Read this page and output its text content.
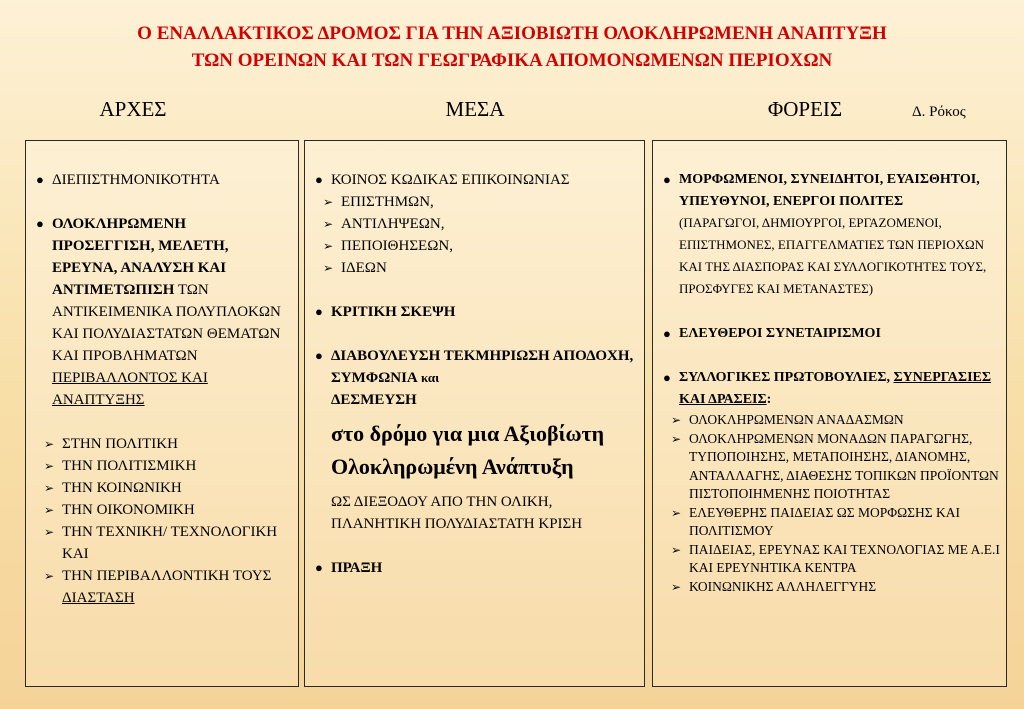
Ο ΕΝΑΛΛΑΚΤΙΚΟΣ ΔΡΟΜΟΣ ΓΙΑ ΤΗΝ ΑΞΙΟΒΙΩΤΗ ΟΛΟΚΛΗΡΩΜΕΝΗ ΑΝΑΠΤΥΞΗ
ΤΩΝ ΟΡΕΙΝΩΝ ΚΑΙ ΤΩΝ ΓΕΩΓΡΑΦΙΚΑ ΑΠΟΜΟΝΩΜΕΝΩΝ ΠΕΡΙΟΧΩΝ
ΑΡΧΕΣ	ΜΕΣΑ	ΦΟΡΕΙΣ	Δ. Ρόκος
● ΔΙΕΠΙΣΤΗΜΟΝΙΚΟΤΗΤΑ
● ΟΛΟΚΛΗΡΩΜΕΝΗ ΠΡΟΣΕΓΓΙΣΗ, ΜΕΛΕΤΗ, ΕΡΕΥΝΑ, ΑΝΑΛΥΣΗ ΚΑΙ ΑΝΤΙΜΕΤΩΠΙΣΗ ΤΩΝ ΑΝΤΙΚΕΙΜΕΝΙΚΑ ΠΟΛΥΠΛΟΚΩΝ ΚΑΙ ΠΟΛΥΔΙΑΣΤΑΤΩΝ ΘΕΜΑΤΩΝ ΚΑΙ ΠΡΟΒΛΗΜΑΤΩΝ ΠΕΡΙΒΑΛΛΟΝΤΟΣ ΚΑΙ ΑΝΑΠΤΥΞΗΣ
➢ ΣΤΗΝ ΠΟΛΙΤΙΚΗ
➢ ΤΗΝ ΠΟΛΙΤΙΣΜΙΚΗ
➢ ΤΗΝ ΚΟΙΝΩΝΙΚΗ
➢ ΤΗΝ ΟΙΚΟΝΟΜΙΚΗ
➢ ΤΗΝ ΤΕΧΝΙΚΗ/ ΤΕΧΝΟΛΟΓΙΚΗ ΚΑΙ
➢ ΤΗΝ ΠΕΡΙΒΑΛΛΟΝΤΙΚΗ ΤΟΥΣ ΔΙΑΣΤΑΣΗ
● ΚΟΙΝΟΣ ΚΩΔΙΚΑΣ ΕΠΙΚΟΙΝΩΝΙΑΣ
➢ ΕΠΙΣΤΗΜΩΝ,
➢ ΑΝΤΙΛΗΨΕΩΝ,
➢ ΠΕΠΟΙΘΗΣΕΩΝ,
➢ ΙΔΕΩΝ
● ΚΡΙΤΙΚΗ ΣΚΕΨΗ
● ΔΙΑΒΟΥΛΕΥΣΗ ΤΕΚΜΗΡΙΩΣΗ ΑΠΟΔΟΧΗ, ΣΥΜΦΩΝΙΑ και
ΔΕΣΜΕΥΣΗ
στο δρόμο για μια Αξιοβίωτη Ολοκληρωμένη Ανάπτυξη
ΩΣ ΔΙΕΞΟΔΟΥ ΑΠΟ ΤΗΝ ΟΛΙΚΗ, ΠΛΑΝΗΤΙΚΗ ΠΟΛΥΔΙΑΣΤΑΤΗ ΚΡΙΣΗ
● ΠΡΑΞΗ
● ΜΟΡΦΩΜΕΝΟΙ, ΣΥΝΕΙΔΗΤΟΙ, ΕΥΑΙΣΘΗΤΟΙ, ΥΠΕΥΘΥΝΟΙ, ΕΝΕΡΓΟΙ ΠΟΛΙΤΕΣ
(ΠΑΡΑΓΩΓΟΙ, ΔΗΜΙΟΥΡΓΟΙ, ΕΡΓΑΖΟΜΕΝΟΙ, ΕΠΙΣΤΗΜΟΝΕΣ, ΕΠΑΓΓΕΛΜΑΤΙΕΣ ΤΩΝ ΠΕΡΙΟΧΩΝ ΚΑΙ ΤΗΣ ΔΙΑΣΠΟΡΑΣ ΚΑΙ ΣΥΛΛΟΓΙΚΟΤΗΤΕΣ ΤΟΥΣ, ΠΡΟΣΦΥΓΕΣ ΚΑΙ ΜΕΤΑΝΑΣΤΕΣ)
● ΕΛΕΥΘΕΡΟΙ ΣΥΝΕΤΑΙΡΙΣΜΟΙ
● ΣΥΛΛΟΓΙΚΕΣ ΠΡΩΤΟΒΟΥΛΙΕΣ, ΣΥΝΕΡΓΑΣΙΕΣ ΚΑΙ ΔΡΑΣΕΙΣ:
➢ ΟΛΟΚΛΗΡΩΜΕΝΩΝ ΑΝΑΔΑΣΜΩΝ
➢ ΟΛΟΚΛΗΡΩΜΕΝΩΝ ΜΟΝΑΔΩΝ ΠΑΡΑΓΩΓΗΣ, ΤΥΠΟΠΟΙΗΣΗΣ, ΜΕΤΑΠΟΙΗΣΗΣ, ΔΙΑΝΟΜΗΣ, ΑΝΤΑΛΛΑΓΗΣ, ΔΙΑΘΕΣΗΣ ΤΟΠΙΚΩΝ ΠΡΟΪΟΝΤΩΝ ΠΙΣΤΟΠΟΙΗΜΕΝΗΣ ΠΟΙΟΤΗΤΑΣ
➢ ΕΛΕΥΘΕΡΗΣ ΠΑΙΔΕΙΑΣ ΩΣ ΜΟΡΦΩΣΗΣ ΚΑΙ ΠΟΛΙΤΙΣΜΟΥ
➢ ΠΑΙΔΕΙΑΣ, ΕΡΕΥΝΑΣ ΚΑΙ ΤΕΧΝΟΛΟΓΙΑΣ ΜΕ Α.Ε.Ι ΚΑΙ ΕΡΕΥΝΗΤΙΚΑ ΚΕΝΤΡΑ
➢ ΚΟΙΝΩΝΙΚΗΣ ΑΛΛΗΛΕΓΓΥΗΣ
